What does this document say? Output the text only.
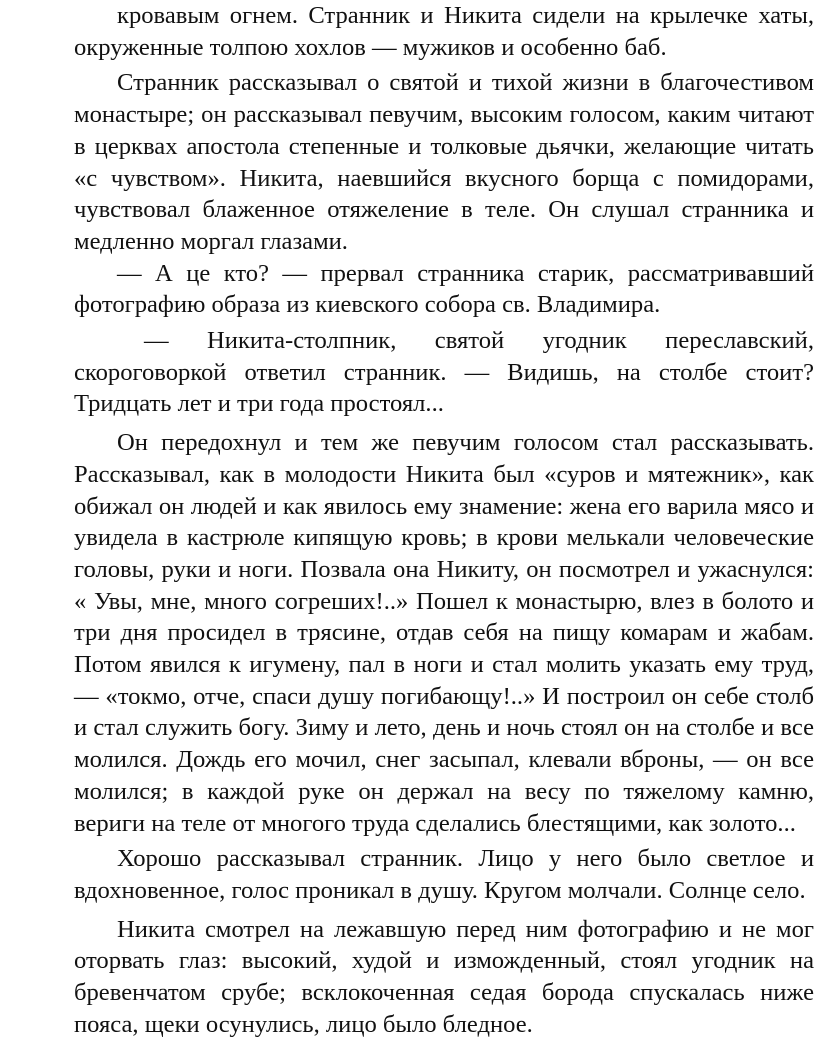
кровавым огнем. Странник и Никита сидели на крылечке хаты, окруженные толпою хохлов — мужиков и особенно баб.

Странник рассказывал о святой и тихой жизни в благочестивом монастыре; он рассказывал певучим, высоким голосом, каким читают в церквах апостола степенные и толковые дьячки, желающие читать «с чувством». Никита, наевшийся вкусного борща с помидорами, чувствовал блаженное отяжеление в теле. Он слушал странника и медленно моргал глазами.

— А це кто? — прервал странника старик, рассматривавший фотографию образа из киевского собора св. Владимира.

— Никита-столпник, святой угодник переславский, скороговоркой ответил странник. — Видишь, на столбе стоит? Тридцать лет и три года простоял...

Он передохнул и тем же певучим голосом стал рассказывать. Рассказывал, как в молодости Никита был «суров и мятежник», как обижал он людей и как явилось ему знамение: жена его варила мясо и увидела в кастрюле кипящую кровь; в крови мелькали человеческие головы, руки и ноги. Позвала она Никиту, он посмотрел и ужаснулся: « Увы, мне, много согреших!..» Пошел к монастырю, влез в болото и три дня просидел в трясине, отдав себя на пищу комарам и жабам. Потом явился к игумену, пал в ноги и стал молить указать ему труд, — «токмо, отче, спаси душу погибающу!..» И построил он себе столб и стал служить богу. Зиму и лето, день и ночь стоял он на столбе и все молился. Дождь его мочил, снег засыпал, клевали вброны, — он все молился; в каждой руке он держал на весу по тяжелому камню, вериги на теле от многого труда сделались блестящими, как золото...

Хорошо рассказывал странник. Лицо у него было светлое и вдохновенное, голос проникал в душу. Кругом молчали. Солнце село.

Никита смотрел на лежавшую перед ним фотографию и не мог оторвать глаз: высокий, худой и изможденный, стоял угодник на бревенчатом срубе; всклокоченная седая борода спускалась ниже пояса, щеки осунулись, лицо было бледное.
